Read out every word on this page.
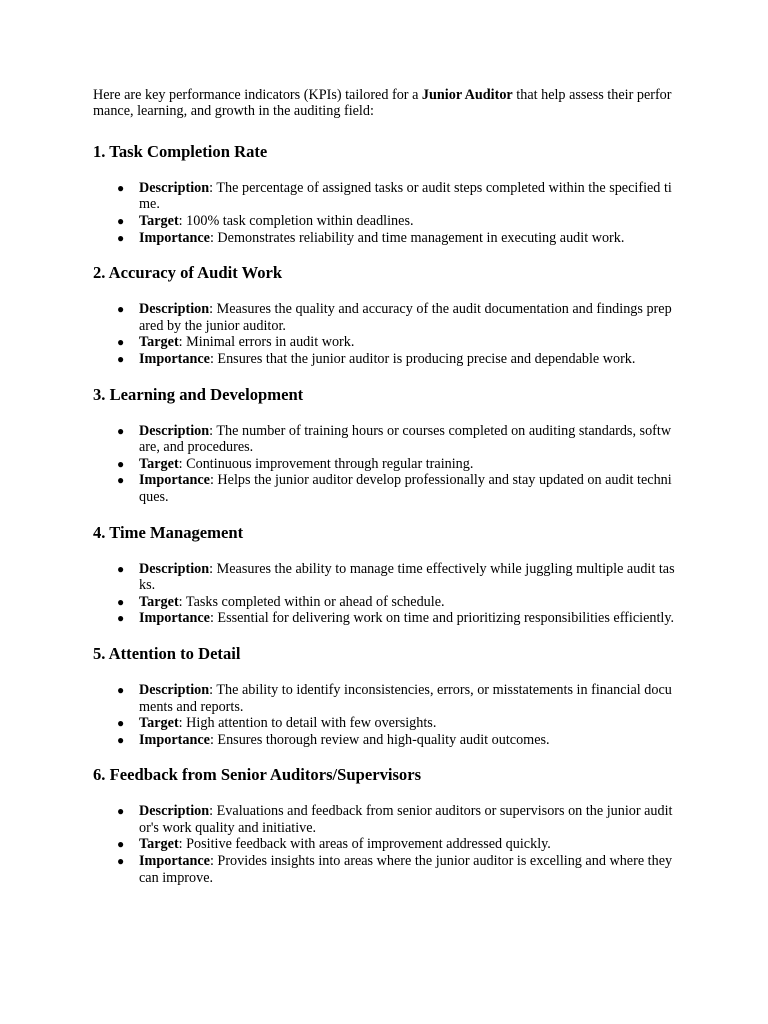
Here are key performance indicators (KPIs) tailored for a Junior Auditor that help assess their performance, learning, and growth in the auditing field:

1. Task Completion Rate
● Description: The percentage of assigned tasks or audit steps completed within the specified time.
● Target: 100% task completion within deadlines.
● Importance: Demonstrates reliability and time management in executing audit work.
2. Accuracy of Audit Work
● Description: Measures the quality and accuracy of the audit documentation and findings prepared by the junior auditor.
● Target: Minimal errors in audit work.
● Importance: Ensures that the junior auditor is producing precise and dependable work.
3. Learning and Development
● Description: The number of training hours or courses completed on auditing standards, software, and procedures.
● Target: Continuous improvement through regular training.
● Importance: Helps the junior auditor develop professionally and stay updated on audit techniques.
4. Time Management
● Description: Measures the ability to manage time effectively while juggling multiple audit tasks.
● Target: Tasks completed within or ahead of schedule.
● Importance: Essential for delivering work on time and prioritizing responsibilities efficiently.
5. Attention to Detail
● Description: The ability to identify inconsistencies, errors, or misstatements in financial documents and reports.
● Target: High attention to detail with few oversights.
● Importance: Ensures thorough review and high-quality audit outcomes.
6. Feedback from Senior Auditors/Supervisors
● Description: Evaluations and feedback from senior auditors or supervisors on the junior auditor's work quality and initiative.
● Target: Positive feedback with areas of improvement addressed quickly.
● Importance: Provides insights into areas where the junior auditor is excelling and where they can improve.
